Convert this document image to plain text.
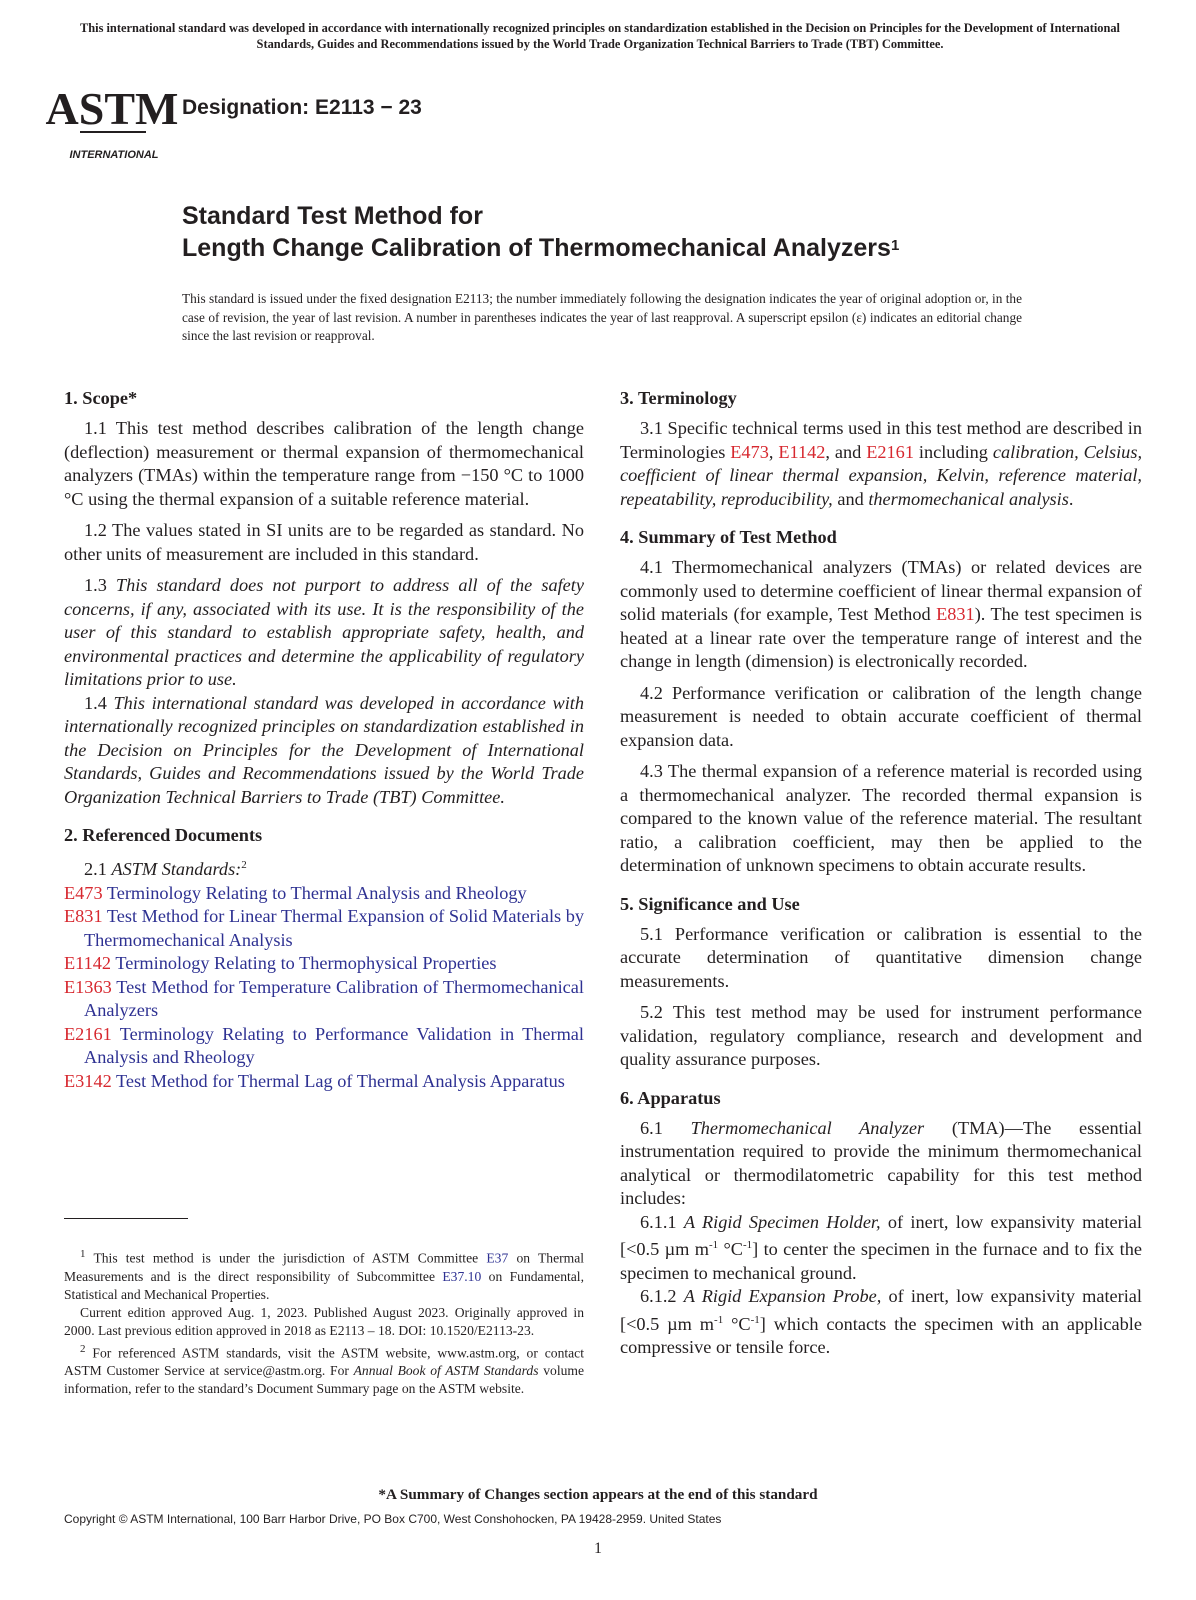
This international standard was developed in accordance with internationally recognized principles on standardization established in the Decision on Principles for the Development of International Standards, Guides and Recommendations issued by the World Trade Organization Technical Barriers to Trade (TBT) Committee.
ASTM
INTERNATIONAL
Designation: E2113 − 23
Standard Test Method for
Length Change Calibration of Thermomechanical Analyzers$^1$
This standard is issued under the fixed designation E2113; the number immediately following the designation indicates the year of original adoption or, in the case of revision, the year of last revision. A number in parentheses indicates the year of last reapproval. A superscript epsilon (ε) indicates an editorial change since the last revision or reapproval.
1. Scope*

1.1 This test method describes calibration of the length change (deflection) measurement or thermal expansion of thermomechanical analyzers (TMAs) within the temperature range from −150 °C to 1000 °C using the thermal expansion of a suitable reference material.

1.2 The values stated in SI units are to be regarded as standard. No other units of measurement are included in this standard.

1.3 This standard does not purport to address all of the safety concerns, if any, associated with its use. It is the responsibility of the user of this standard to establish appropriate safety, health, and environmental practices and determine the applicability of regulatory limitations prior to use.

1.4 This international standard was developed in accordance with internationally recognized principles on standardization established in the Decision on Principles for the Development of International Standards, Guides and Recommendations issued by the World Trade Organization Technical Barriers to Trade (TBT) Committee.

2. Referenced Documents

2.1 ASTM Standards:$^2$

E473 Terminology Relating to Thermal Analysis and Rheology

E831 Test Method for Linear Thermal Expansion of Solid Materials by Thermomechanical Analysis

E1142 Terminology Relating to Thermophysical Properties

E1363 Test Method for Temperature Calibration of Thermomechanical Analyzers

E2161 Terminology Relating to Performance Validation in Thermal Analysis and Rheology

E3142 Test Method for Thermal Lag of Thermal Analysis Apparatus

$^1$ This test method is under the jurisdiction of ASTM Committee E37 on Thermal Measurements and is the direct responsibility of Subcommittee E37.10 on Fundamental, Statistical and Mechanical Properties.

Current edition approved Aug. 1, 2023. Published August 2023. Originally approved in 2000. Last previous edition approved in 2018 as E2113 – 18. DOI: 10.1520/E2113-23.

$^2$ For referenced ASTM standards, visit the ASTM website, www.astm.org, or contact ASTM Customer Service at service@astm.org. For Annual Book of ASTM Standards volume information, refer to the standard’s Document Summary page on the ASTM website.

3. Terminology

3.1 Specific technical terms used in this test method are described in Terminologies E473, E1142, and E2161 including calibration, Celsius, coefficient of linear thermal expansion, Kelvin, reference material, repeatability, reproducibility, and thermomechanical analysis.

4. Summary of Test Method

4.1 Thermomechanical analyzers (TMAs) or related devices are commonly used to determine coefficient of linear thermal expansion of solid materials (for example, Test Method E831). The test specimen is heated at a linear rate over the temperature range of interest and the change in length (dimension) is electronically recorded.

4.2 Performance verification or calibration of the length change measurement is needed to obtain accurate coefficient of thermal expansion data.

4.3 The thermal expansion of a reference material is recorded using a thermomechanical analyzer. The recorded thermal expansion is compared to the known value of the reference material. The resultant ratio, a calibration coefficient, may then be applied to the determination of unknown specimens to obtain accurate results.

5. Significance and Use

5.1 Performance verification or calibration is essential to the accurate determination of quantitative dimension change measurements.

5.2 This test method may be used for instrument performance validation, regulatory compliance, research and development and quality assurance purposes.

6. Apparatus

6.1 Thermomechanical Analyzer (TMA)—The essential instrumentation required to provide the minimum thermomechanical analytical or thermodilatometric capability for this test method includes:

6.1.1 A Rigid Specimen Holder, of inert, low expansivity material [<0.5 µm $m^{-1}$ $^\circ C^{-1}$] to center the specimen in the furnace and to fix the specimen to mechanical ground.

6.1.2 A Rigid Expansion Probe, of inert, low expansivity material [<0.5 µm $m^{-1}$ $^\circ C^{-1}$] which contacts the specimen with an applicable compressive or tensile force.

*A Summary of Changes section appears at the end of this standard
Copyright © ASTM International, 100 Barr Harbor Drive, PO Box C700, West Conshohocken, PA 19428-2959. United States
1
